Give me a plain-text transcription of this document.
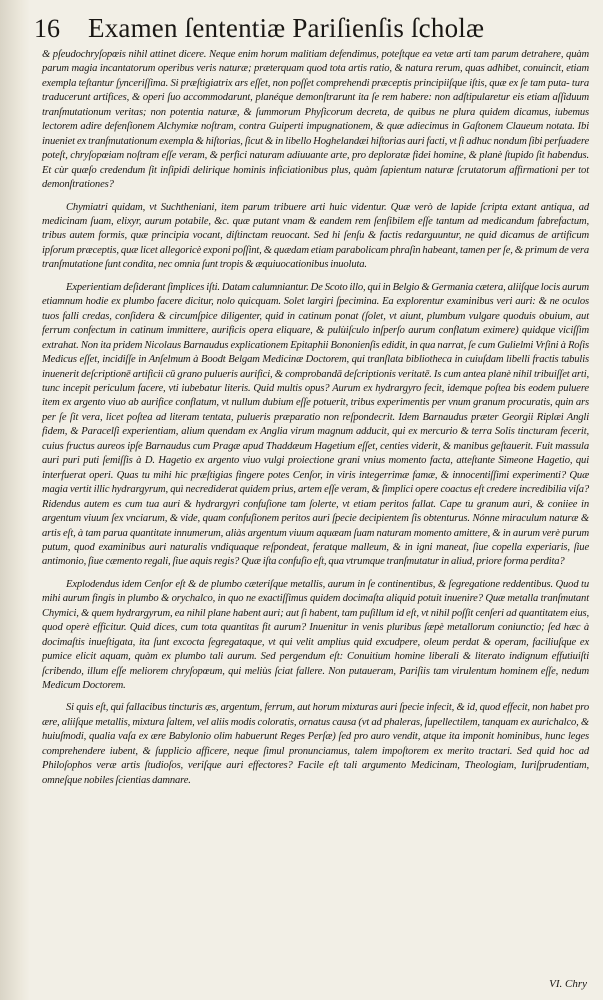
16 Examen ſententiæ Pariſienſis ſcholæ

& pſeudochryſopœis nihil attinet dicere. Neque enim horum malitiam defendimus, poteſtque ea vetæ arti tam parum detrahere, quàm parum magia incantatorum operibus veris naturæ; præterquam quod tota artis ratio, & natura rerum, quas adhibet, conuincit, etiam exempla teſtantur ſynceriſſima. Si præſtigiatrix ars eſſet, non poſſet comprehendi præceptis principiiſque iſtis, quæ ex ſe tam puta- tura traducerunt artifices, & operi ſuo accommodarunt, planéque demonſtrarunt ita ſe rem habere: non adſtipularetur eis etiam aſſiduum tranſmutationum veritas; non potentia naturæ, & ſummorum Phyſicorum decreta, de quibus ne plura quidem dicamus, iubemus lectorem adire defenſionem Alchymiæ noſtram, contra Guiperti impugnationem, & quæ adiecimus in Gaſtonem Claueum notata. Ibi inueniet ex tranſmutationum exempla & hiſtorias, ſicut & in libello Hoghelandæi hiſtorias auri facti, vt ſi adhuc nondum ſibi perſuadere poteſt, chryſopœiam noſtram eſſe veram, & perfici naturam adiuuante arte, pro deploratæ fidei homine, & planè ſtupido ſit habendus. Et cùr quæſo credendum ſit inſipidi delirique hominis inficiationibus plus, quàm ſapientum naturæ ſcrutatorum affirmationi per tot demonſtrationes?

Chymiatri quidam, vt Suchtheniani, item parum tribuere arti huic videntur. Quæ verò de lapide ſcripta extant antiqua, ad medicinam ſuam, elixyr, aurum potabile, &c. quæ putant vnam & eandem rem ſenſibilem eſſe tantum ad medicandum fabrefactum, tribus autem formis, quæ principia vocant, diſtinctam reuocant. Sed hi ſenſu & factis redarguuntur, ne quid dicamus de artificum ipſorum præceptis, quæ licet allegoricè exponi poſſint, & quædam etiam parabolicam phraſin habeant, tamen per ſe, & primum de vera tranſmutatione ſunt condita, nec omnia ſunt tropis & æquiuocationibus inuoluta.

Experientiam deſiderant ſimplices iſti. Datam calumniantur. De Scoto illo, qui in Belgio & Germania cætera, aliiſque locis aurum etiamnum hodie ex plumbo facere dicitur, nolo quicquam. Solet largiri ſpecimina. Ea explorentur examinibus veri auri: & ne oculos tuos falli credas, conſidera & circumſpice diligenter, quid in catinum ponat (ſolet, vt aiunt, plumbum vulgare quoduis obuium, aut ferrum confectum in catinum immittere, aurificis opera eliquare, & pulùiſculo inſperſo aurum conflatum eximere) quidque viciſſim extrahat. Non ita pridem Nicolaus Barnaudus explicationem Epitaphii Bononienſis edidit, in qua narrat, ſe cum Gulielmi Vrſini à Roſis Medicus eſſet, incidiſſe in Anſelmum à Boodt Belgam Medicinæ Doctorem, qui tranſlata bibliotheca in cuiuſdam libelli fractis tabulis inuenerit deſcriptionē artificii cū grano pulueris aurifici, & comprobandā deſcriptionis veritatē. Is cum antea planè nihil tribuiſſet arti, tunc incepit periculum facere, vti iubebatur literis. Quid multis opus? Aurum ex hydrargyro fecit, idemque poſtea bis eodem puluere item ex argento viuo ab aurifice conflatum, vt nullum dubium eſſe potuerit, tribus experimentis per vnum granum procuratis, quin ars per ſe ſit vera, licet poſtea ad literam tentata, pulueris præparatio non reſpondecrit. Idem Barnaudus præter Georgii Riplæi Angli fidem, & Paracelſi experientiam, alium quendam ex Anglia virum magnum adducit, qui ex mercurio & terra Solis tincturam fecerit, cuius fructus aureos ipſe Barnaudus cum Pragæ apud Thaddæum Hagetium eſſet, centies viderit, & manibus geſtauerit. Fuit massula auri puri puti ſemiſſis à D. Hagetio ex argento viuo vulgi proiectione grani vnius momento facta, atteſtante Simeone Hagetio, qui interfuerat operi. Quas tu mihi hic præſtigias fingere potes Cenſor, in viris integerrimæ famæ, & innocentiſſimi experimenti? Quæ magia vertit illic hydrargyrum, quì necrediderat quidem prius, artem eſſe veram, & ſimplici opere coactus eſt credere incredibilia viſa? Ridendus autem es cum tua auri & hydrargyri confuſione tam ſolerte, vt etiam peritos fallat. Cape tu granum auri, & coniiee in argentum viuum ſex vnciarum, & vide, quam confuſionem peritos auri ſpecie decipientem ſis obtenturus. Nónne miraculum naturæ & artis eſt, à tam parua quantitate innumerum, aliàs argentum viuum aquæam ſuam naturam momento amittere, & in aurum verè purum putum, quod examinibus auri naturalis vndiquaque reſpondeat, feratque malleum, & in igni maneat, ſiue copella experiaris, ſiue antimonio, ſiue cæmento regali, ſiue aquis regis? Quæ iſta confuſio eſt, qua vtrumque tranſmutatur in aliud, priore forma perdita?

Explodendus idem Cenſor eſt & de plumbo cæteriſque metallis, aurum in ſe continentibus, & ſegregatione reddentibus. Quod tu mihi aurum fingis in plumbo & orychalco, in quo ne exactiſſimus quidem docimaſta aliquid potuit inuenire? Quæ metalla tranſmutant Chymici, & quem hydrargyrum, ea nihil plane habent auri; aut ſi habent, tam puſillum id eſt, vt nihil poſſit cenſeri ad quantitatem eius, quod operè efficitur. Quid dices, cum tota quantitas fit aurum? Inuenitur in venis pluribus ſæpè metallorum coniunctio; ſed hæc à docimaſtis inueſtigata, ita ſunt excocta ſegregataque, vt qui velit amplius quid excudpere, oleum perdat & operam, faciliuſque ex pumice elicit aquam, quàm ex plumbo tali aurum. Sed pergendum eſt: Conuitium homine liberali & literato indignum effutiuiſti ſcribendo, illum eſſe meliorem chryſopœum, qui meliùs ſciat fallere. Non putaueram, Pariſiis tam virulentum hominem eſſe, nedum Medicum Doctorem.

Si quis eſt, qui fallacibus tincturis æs, argentum, ferrum, aut horum mixturas auri ſpecie infecit, & id, quod effecit, non habet pro ære, aliiſque metallis, mixtura ſaltem, vel aliis modis coloratis, ornatus causa (vt ad phaleras, ſupellectilem, tanquam ex aurichalco, & huiuſmodi, qualia vaſa ex ære Babylonio olim habuerunt Reges Perſæ) ſed pro auro vendit, atque ita imponit hominibus, hunc leges comprehendere iubent, & ſupplicio afficere, neque ſimul pronunciamus, talem impoſtorem ex merito tractari. Sed quid hoc ad Philoſophos veræ artis ſtudioſos, veriſque auri effectores? Facile eſt tali argumento Medicinam, Theologiam, Iuriſprudentiam, omneſque nobiles ſcientias damnare.

VI. Chry
